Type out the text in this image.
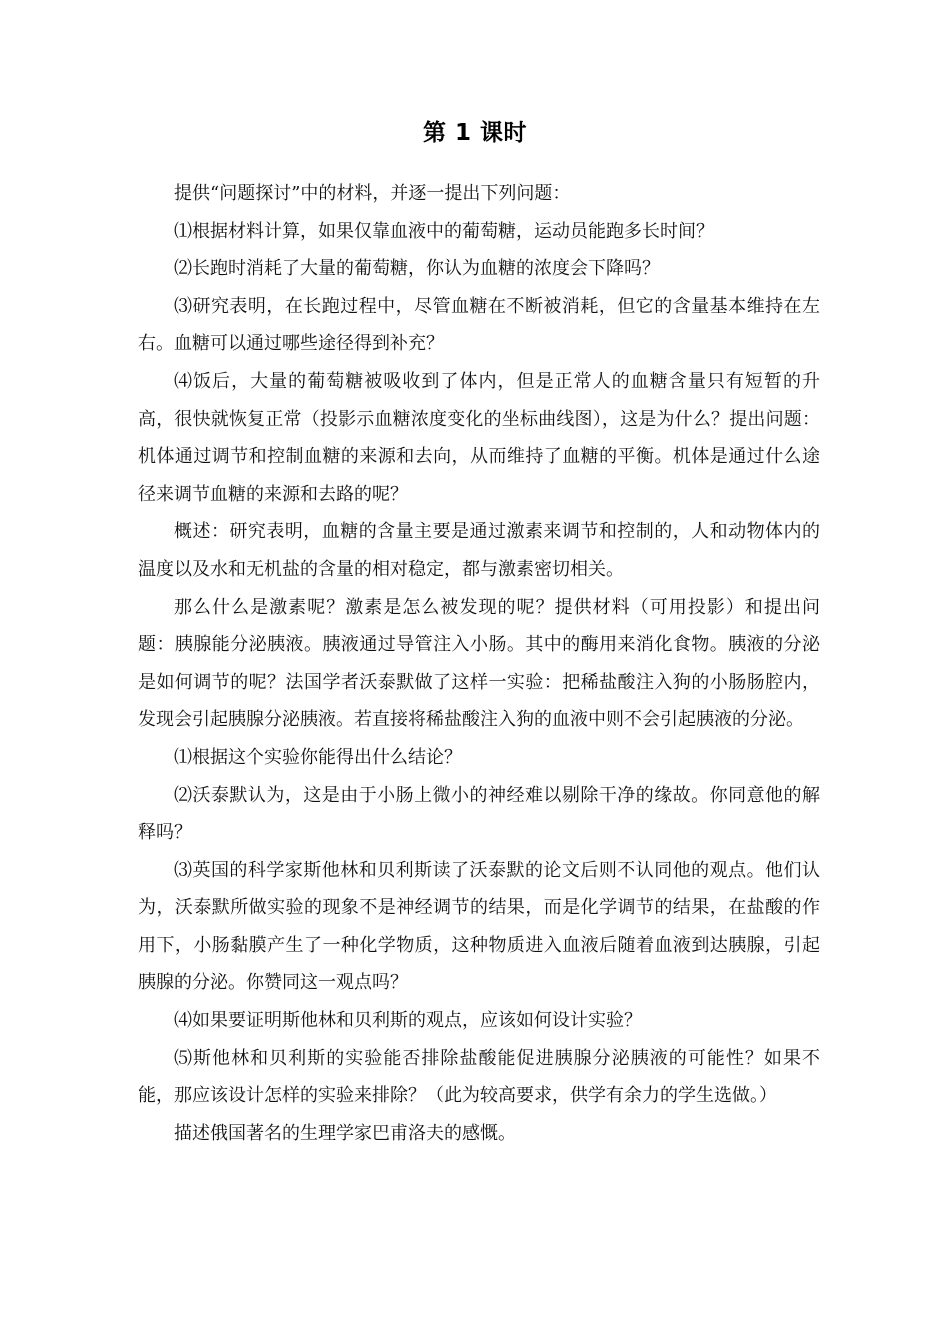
第 1 课时

提供“问题探讨”中的材料，并逐一提出下列问题：

⑴根据材料计算，如果仅靠血液中的葡萄糖，运动员能跑多长时间？

⑵长跑时消耗了大量的葡萄糖，你认为血糖的浓度会下降吗？

⑶研究表明，在长跑过程中，尽管血糖在不断被消耗，但它的含量基本维持在左右。血糖可以通过哪些途径得到补充？

⑷饭后，大量的葡萄糖被吸收到了体内，但是正常人的血糖含量只有短暂的升高，很快就恢复正常（投影示血糖浓度变化的坐标曲线图），这是为什么？提出问题：机体通过调节和控制血糖的来源和去向，从而维持了血糖的平衡。机体是通过什么途径来调节血糖的来源和去路的呢？

概述：研究表明，血糖的含量主要是通过激素来调节和控制的，人和动物体内的温度以及水和无机盐的含量的相对稳定，都与激素密切相关。

那么什么是激素呢？激素是怎么被发现的呢？提供材料（可用投影）和提出问题：胰腺能分泌胰液。胰液通过导管注入小肠。其中的酶用来消化食物。胰液的分泌是如何调节的呢？法国学者沃泰默做了这样一实验：把稀盐酸注入狗的小肠肠腔内，发现会引起胰腺分泌胰液。若直接将稀盐酸注入狗的血液中则不会引起胰液的分泌。

⑴根据这个实验你能得出什么结论？

⑵沃泰默认为，这是由于小肠上微小的神经难以剔除干净的缘故。你同意他的解释吗？

⑶英国的科学家斯他林和贝利斯读了沃泰默的论文后则不认同他的观点。他们认为，沃泰默所做实验的现象不是神经调节的结果，而是化学调节的结果，在盐酸的作用下，小肠黏膜产生了一种化学物质，这种物质进入血液后随着血液到达胰腺，引起胰腺的分泌。你赞同这一观点吗？

⑷如果要证明斯他林和贝利斯的观点，应该如何设计实验？

⑸斯他林和贝利斯的实验能否排除盐酸能促进胰腺分泌胰液的可能性？如果不能，那应该设计怎样的实验来排除？（此为较高要求，供学有余力的学生选做。）

描述俄国著名的生理学家巴甫洛夫的感慨。
